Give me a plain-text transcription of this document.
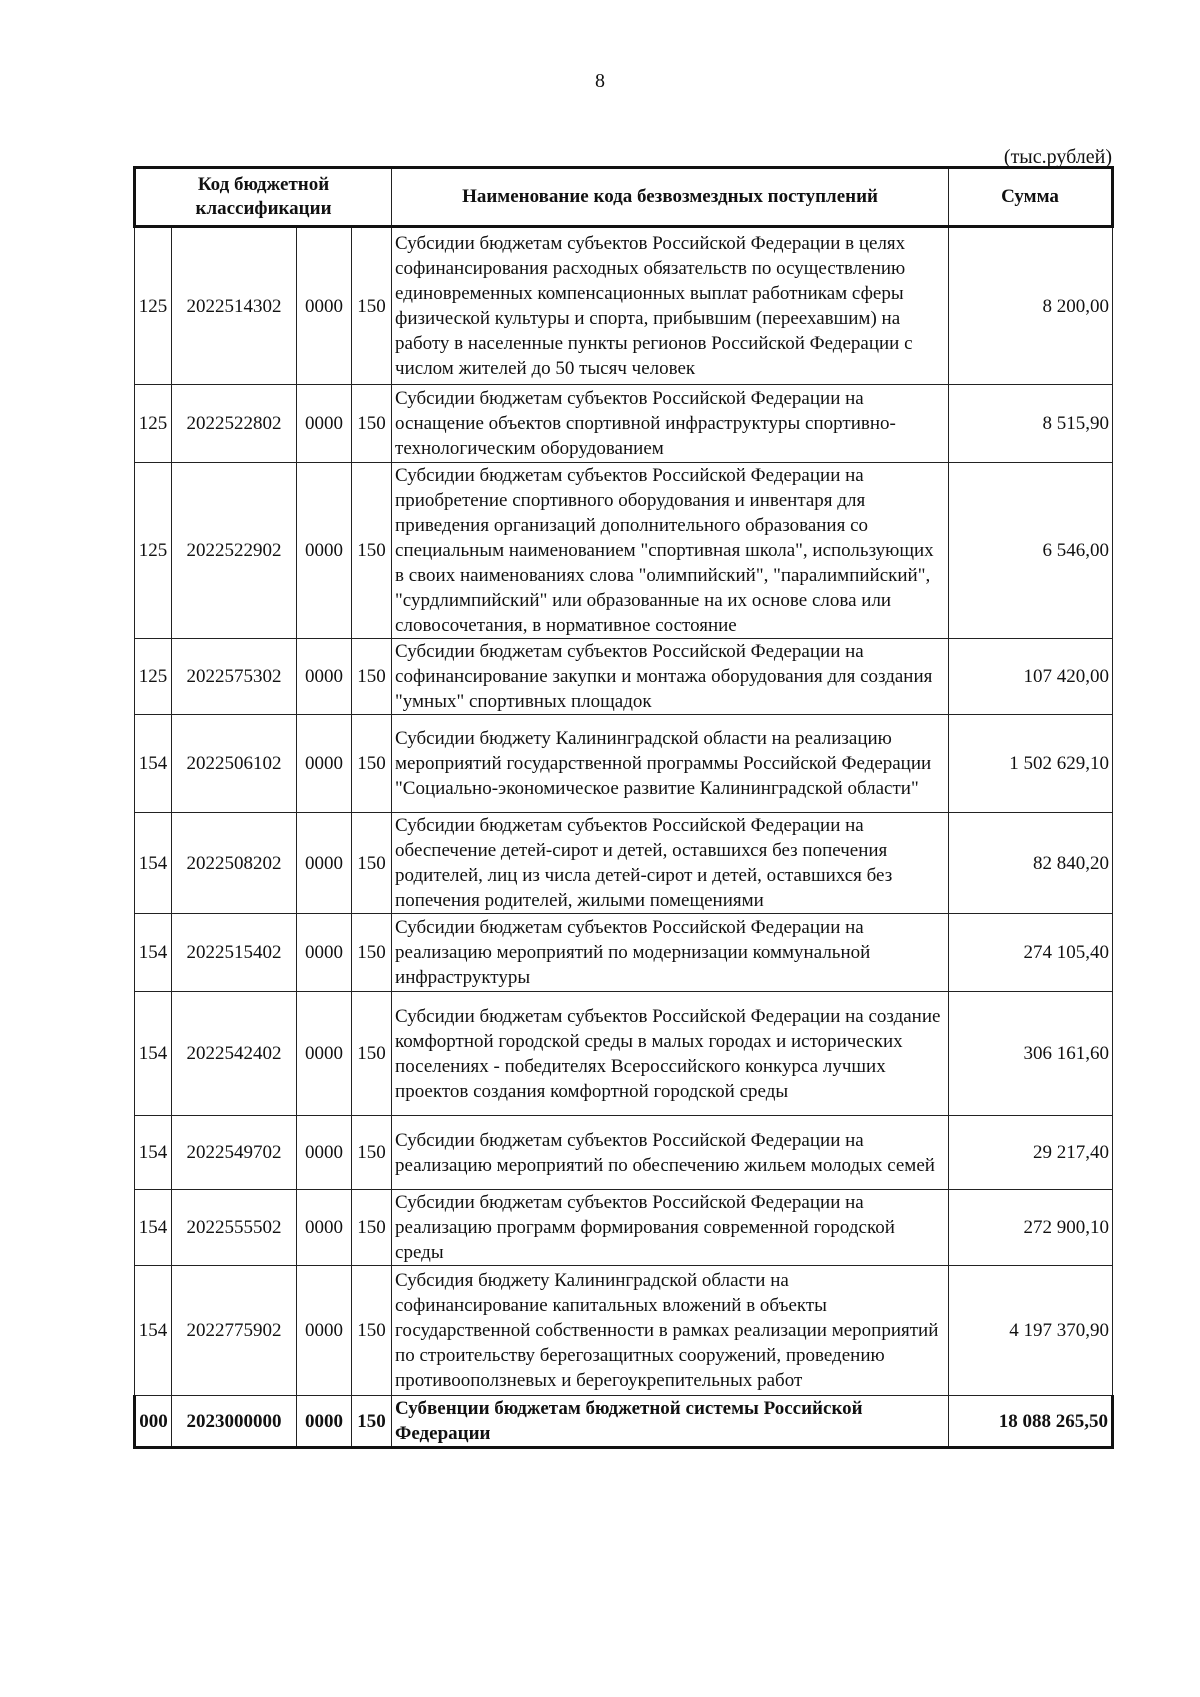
8
(тыс.рублей)
Код бюджетной классификации				Наименование кода безвозмездных поступлений	Сумма
125	2022514302	0000	150	Субсидии бюджетам субъектов Российской Федерации в целях софинансирования расходных обязательств по осуществлению единовременных компенсационных выплат работникам сферы физической культуры и спорта, прибывшим (переехавшим) на работу в населенные пункты регионов Российской Федерации с числом жителей до 50 тысяч человек	8 200,00
125	2022522802	0000	150	Субсидии бюджетам субъектов Российской Федерации на оснащение объектов спортивной инфраструктуры спортивно-технологическим оборудованием	8 515,90
125	2022522902	0000	150	Субсидии бюджетам субъектов Российской Федерации на приобретение спортивного оборудования и инвентаря для приведения организаций дополнительного образования со специальным наименованием "спортивная школа", использующих в своих наименованиях слова "олимпийский", "паралимпийский", "сурдлимпийский" или образованные на их основе слова или словосочетания, в нормативное состояние	6 546,00
125	2022575302	0000	150	Субсидии бюджетам субъектов Российской Федерации на софинансирование закупки и монтажа оборудования для создания "умных" спортивных площадок	107 420,00
154	2022506102	0000	150	Субсидии бюджету Калининградской области на реализацию мероприятий государственной программы Российской Федерации "Социально-экономическое развитие Калининградской области"	1 502 629,10
154	2022508202	0000	150	Субсидии бюджетам субъектов Российской Федерации на обеспечение детей-сирот и детей, оставшихся без попечения родителей, лиц из числа детей-сирот и детей, оставшихся без попечения родителей, жилыми помещениями	82 840,20
154	2022515402	0000	150	Субсидии бюджетам субъектов Российской Федерации на реализацию мероприятий по модернизации коммунальной инфраструктуры	274 105,40
154	2022542402	0000	150	Субсидии бюджетам субъектов Российской Федерации на создание комфортной городской среды в малых городах и исторических поселениях - победителях Всероссийского конкурса лучших проектов создания комфортной городской среды	306 161,60
154	2022549702	0000	150	Субсидии бюджетам субъектов Российской Федерации на реализацию мероприятий по обеспечению жильем молодых семей	29 217,40
154	2022555502	0000	150	Субсидии бюджетам субъектов Российской Федерации на реализацию программ формирования современной городской среды	272 900,10
154	2022775902	0000	150	Субсидия бюджету Калининградской области на софинансирование капитальных вложений в объекты государственной собственности в рамках реализации мероприятий по строительству берегозащитных сооружений, проведению противооползневых и берегоукрепительных работ	4 197 370,90
000	2023000000	0000	150	Субвенции бюджетам бюджетной системы Российской Федерации	18 088 265,50
